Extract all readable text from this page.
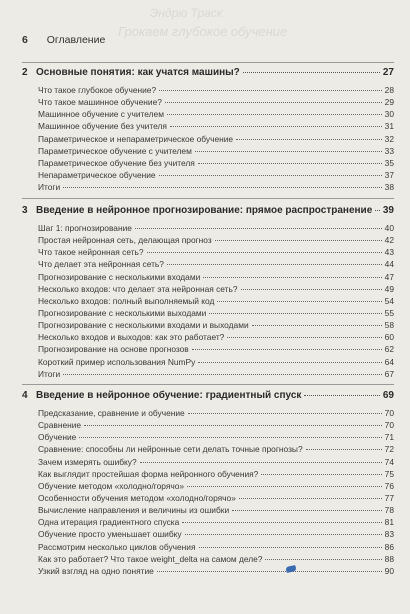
Эндрю Траск
Грокаем глубокое обучение
6 Оглавление
2 Основные понятия: как учатся машины?	27
Что такое глубокое обучение?	28
Что такое машинное обучение?	29
Машинное обучение с учителем	30
Машинное обучение без учителя	31
Параметрическое и непараметрическое обучение	32
Параметрическое обучение с учителем	33
Параметрическое обучение без учителя	35
Непараметрическое обучение	37
Итоги	38
3 Введение в нейронное прогнозирование: прямое распространение 39
Шаг 1: прогнозирование	40
Простая нейронная сеть, делающая прогноз	42
Что такое нейронная сеть?	43
Что делает эта нейронная сеть?	44
Прогнозирование с несколькими входами	47
Несколько входов: что делает эта нейронная сеть?	49
Несколько входов: полный выполняемый код	54
Прогнозирование с несколькими выходами	55
Прогнозирование с несколькими входами и выходами	58
Несколько входов и выходов: как это работает?	60
Прогнозирование на основе прогнозов	62
Короткий пример использования NumPy	64
Итоги	67
4 Введение в нейронное обучение: градиентный спуск	69
Предсказание, сравнение и обучение	70
Сравнение	70
Обучение	71
Сравнение: способны ли нейронные сети делать точные прогнозы?	72
Зачем измерять ошибку?	74
Как выглядит простейшая форма нейронного обучения?	75
Обучение методом «холодно/горячо»	76
Особенности обучения методом «холодно/горячо»	77
Вычисление направления и величины из ошибки	78
Одна итерация градиентного спуска	81
Обучение просто уменьшает ошибку	83
Рассмотрим несколько циклов обучения	86
Как это работает? Что такое weight_delta на самом деле?	88
Узкий взгляд на одно понятие	90
